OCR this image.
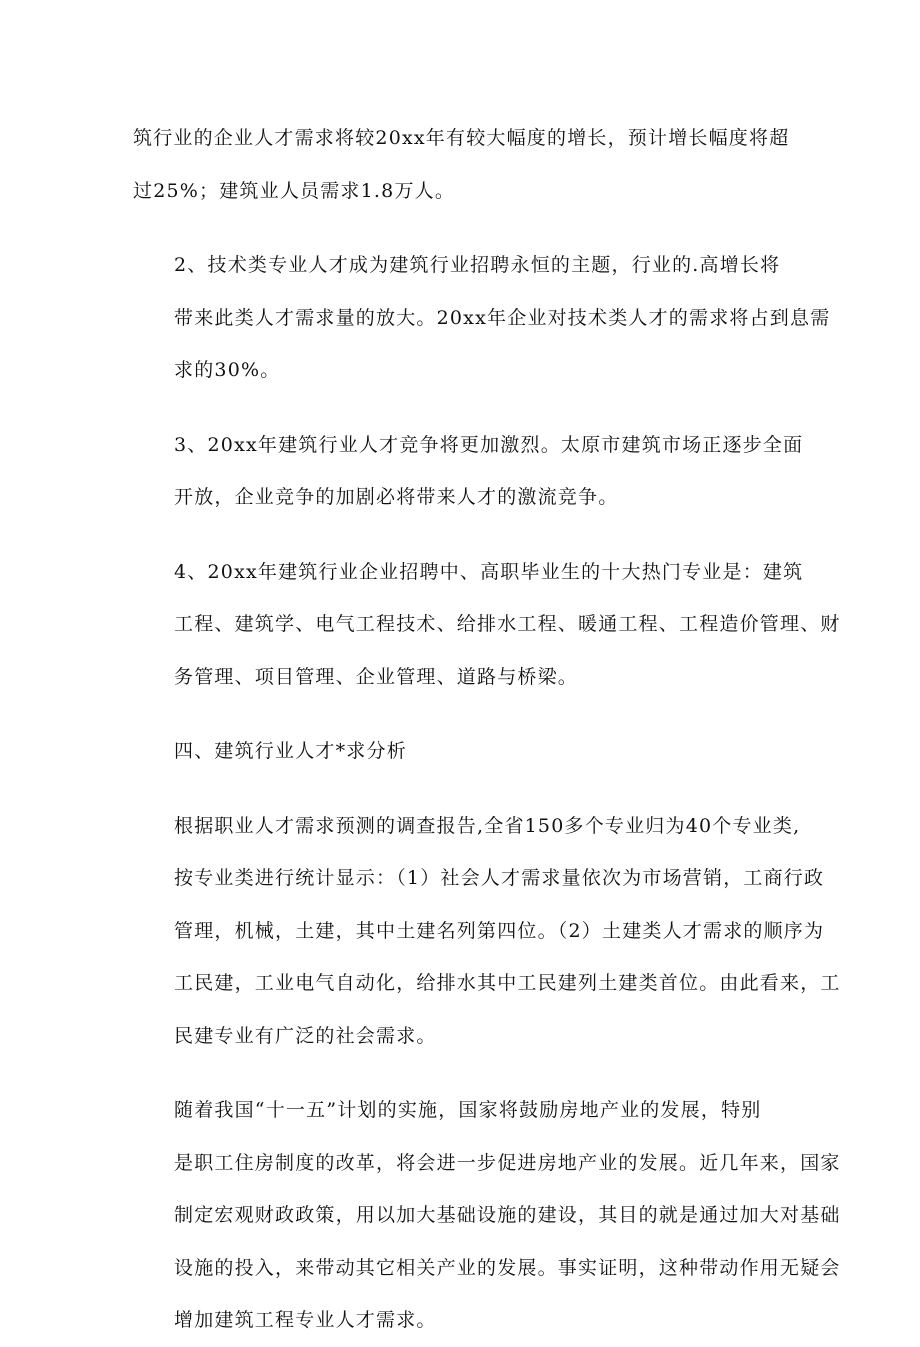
筑行业的企业人才需求将较20xx年有较大幅度的增长，预计增长幅度将超
过25%；建筑业人员需求1.8万人。

2、技术类专业人才成为建筑行业招聘永恒的主题，行业的.高增长将
带来此类人才需求量的放大。20xx年企业对技术类人才的需求将占到息需
求的30%。

3、20xx年建筑行业人才竞争将更加激烈。太原市建筑市场正逐步全面
开放，企业竞争的加剧必将带来人才的激流竞争。

4、20xx年建筑行业企业招聘中、高职毕业生的十大热门专业是：建筑
工程、建筑学、电气工程技术、给排水工程、暖通工程、工程造价管理、财
务管理、项目管理、企业管理、道路与桥梁。

四、建筑行业人才*求分析

根据职业人才需求预测的调查报告,全省150多个专业归为40个专业类,
按专业类进行统计显示：（1）社会人才需求量依次为市场营销，工商行政
管理，机械，土建，其中土建名列第四位。（2）土建类人才需求的顺序为
工民建，工业电气自动化，给排水其中工民建列土建类首位。由此看来，工
民建专业有广泛的社会需求。

随着我国“十一五”计划的实施，国家将鼓励房地产业的发展，特别
是职工住房制度的改革，将会进一步促进房地产业的发展。近几年来，国家
制定宏观财政政策，用以加大基础设施的建设，其目的就是通过加大对基础
设施的投入，来带动其它相关产业的发展。事实证明，这种带动作用无疑会
增加建筑工程专业人才需求。
